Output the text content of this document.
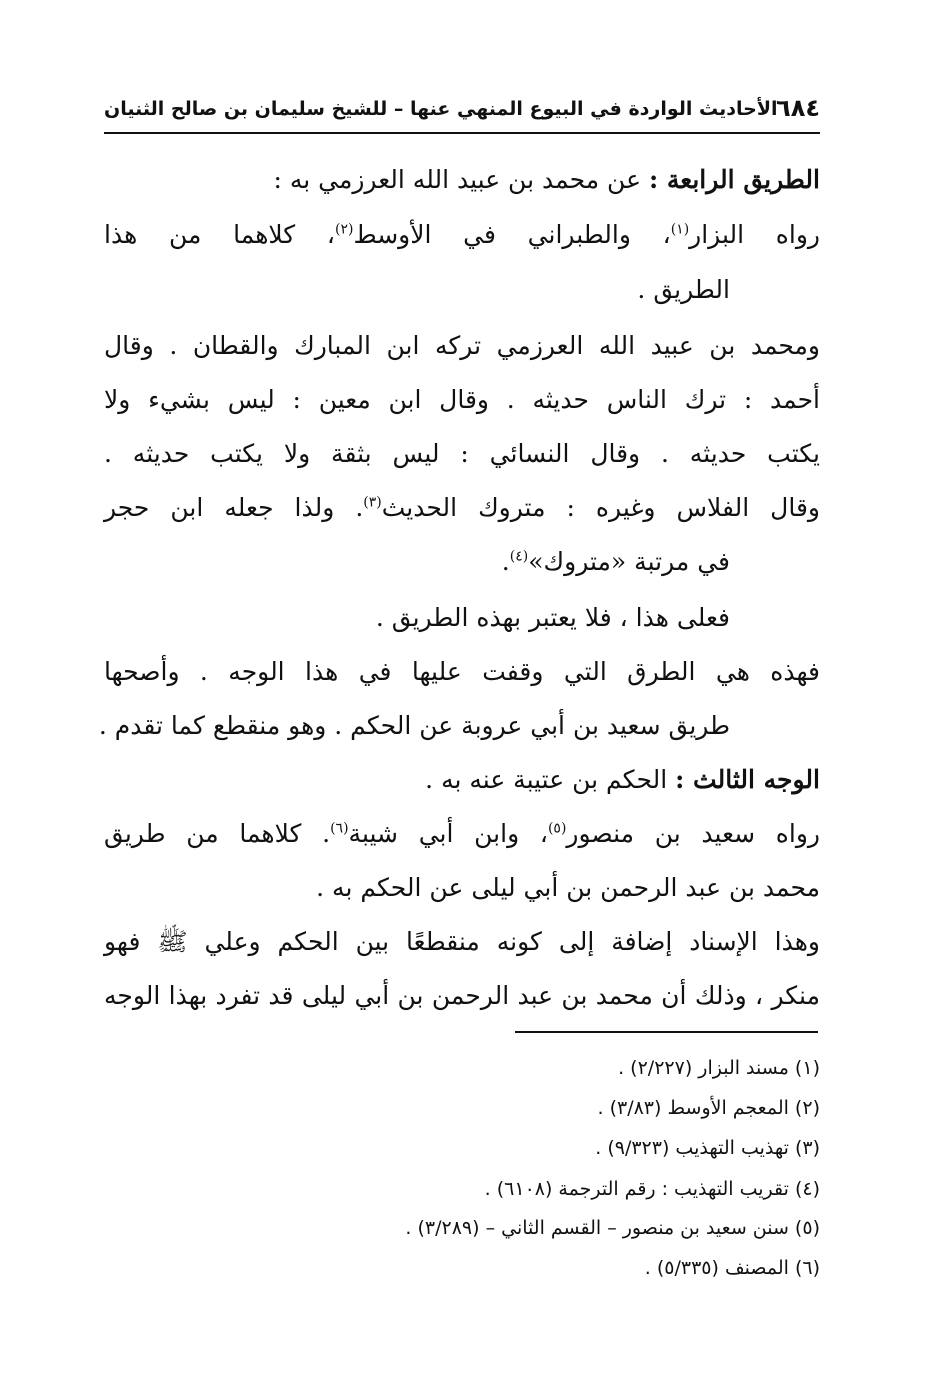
٦٨٤
الأحاديث الواردة في البيوع المنهي عنها – للشيخ سليمان بن صالح الثنيان
الطريق الرابعة : عن محمد بن عبيد الله العرزمي به :
رواه البزار$^{(١)}$، والطبراني في الأوسط$^{(٢)}$، كلاهما من هذا
الطريق .
ومحمد بن عبيد الله العرزمي تركه ابن المبارك والقطان . وقال
أحمد : ترك الناس حديثه . وقال ابن معين : ليس بشيء ولا
يكتب حديثه . وقال النسائي : ليس بثقة ولا يكتب حديثه .
وقال الفلاس وغيره : متروك الحديث$^{(٣)}$. ولذا جعله ابن حجر
في مرتبة «متروك»$^{(٤)}$.
فعلى هذا ، فلا يعتبر بهذه الطريق .
فهذه هي الطرق التي وقفت عليها في هذا الوجه . وأصحها
طريق سعيد بن أبي عروبة عن الحكم . وهو منقطع كما تقدم .
الوجه الثالث : الحكم بن عتيبة عنه به .
رواه سعيد بن منصور$^{(٥)}$، وابن أبي شيبة$^{(٦)}$. كلاهما من طريق
محمد بن عبد الرحمن بن أبي ليلى عن الحكم به .
وهذا الإسناد إضافة إلى كونه منقطعًا بين الحكم وعلي ﷺ فهو
منكر ، وذلك أن محمد بن عبد الرحمن بن أبي ليلى قد تفرد بهذا الوجه
(١) مسند البزار (٢/٢٢٧) .
(٢) المعجم الأوسط (٣/٨٣) .
(٣) تهذيب التهذيب (٩/٣٢٣) .
(٤) تقريب التهذيب : رقم الترجمة (٦١٠٨) .
(٥) سنن سعيد بن منصور – القسم الثاني – (٣/٢٨٩) .
(٦) المصنف (٥/٣٣٥) .
